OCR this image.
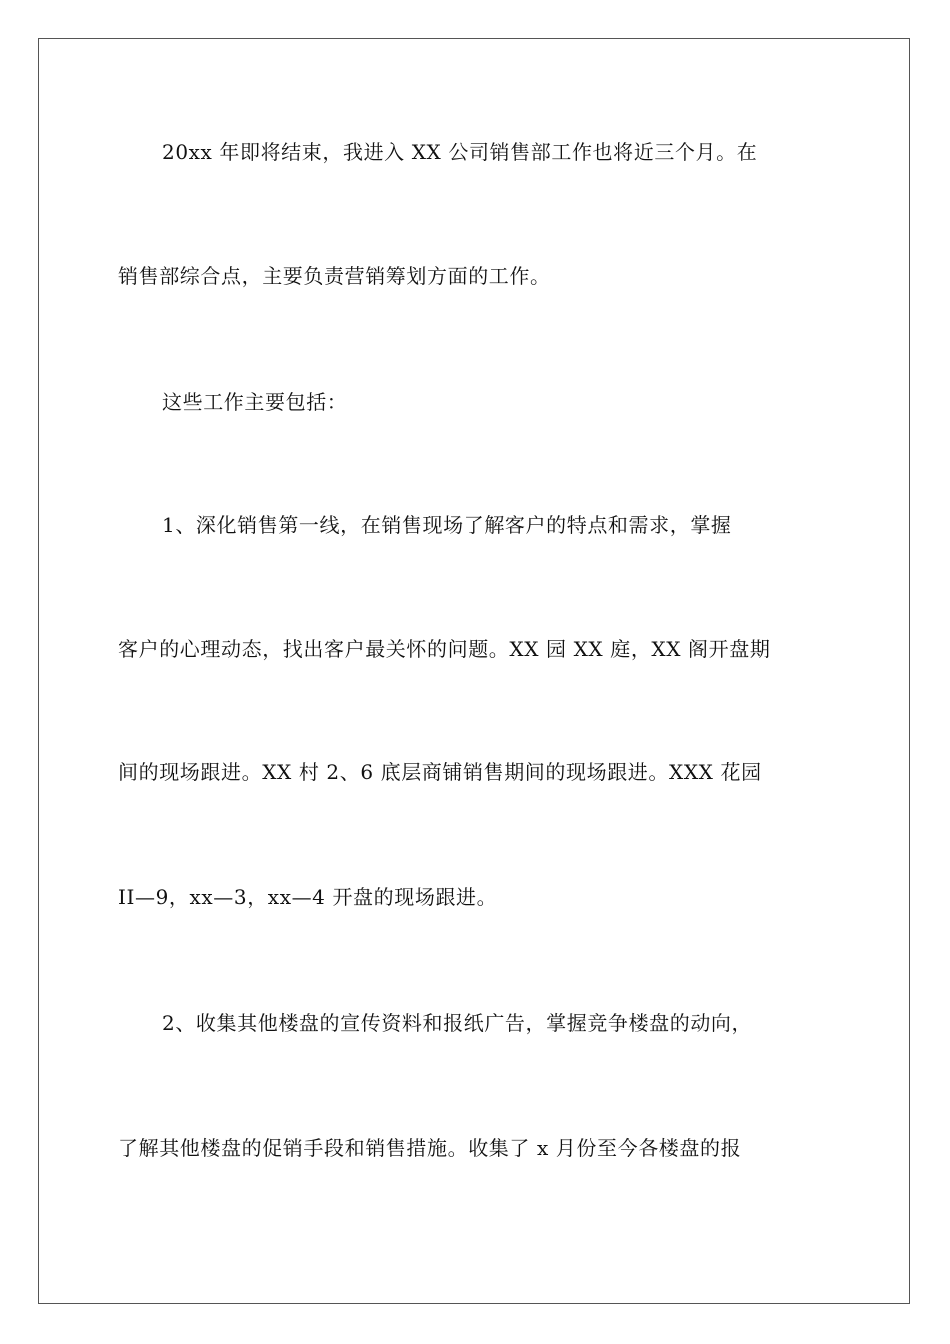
20xx 年即将结束，我进入 XX 公司销售部工作也将近三个月。在

销售部综合点，主要负责营销筹划方面的工作。

这些工作主要包括：

1、深化销售第一线，在销售现场了解客户的特点和需求，掌握

客户的心理动态，找出客户最关怀的问题。XX 园 XX 庭，XX 阁开盘期

间的现场跟进。XX 村 2、6 底层商铺销售期间的现场跟进。XXX 花园

II—9，xx—3，xx—4 开盘的现场跟进。

2、收集其他楼盘的宣传资料和报纸广告，掌握竞争楼盘的动向，

了解其他楼盘的促销手段和销售措施。收集了 x 月份至今各楼盘的报
